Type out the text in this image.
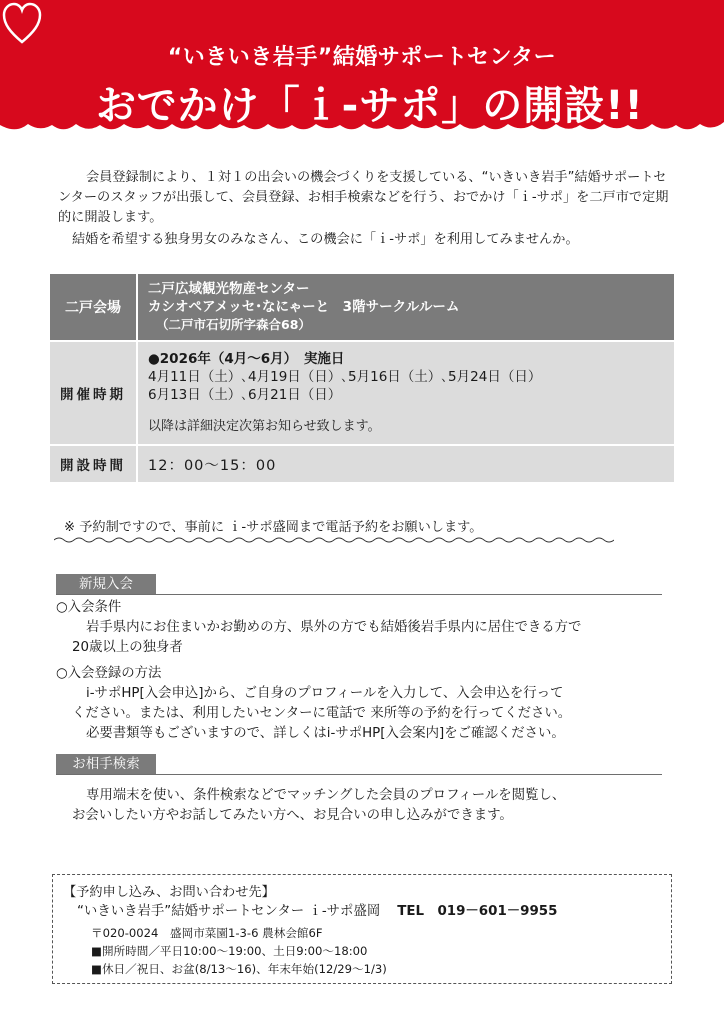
“いきいき岩手”結婚サポートセンター
おでかけ「ｉ-サポ」の開設!!

会員登録制により、１対１の出会いの機会づくりを支援している、“いきいき岩手”結婚サポートセンターのスタッフが出張して、会員登録、お相手検索などを行う、おでかけ「ｉ-サポ」を二戸市で定期的に開設します。

結婚を希望する独身男女のみなさん、この機会に「ｉ-サポ」を利用してみませんか。

二戸会場	二戸広域観光物産センター
カシオペアメッセ･なにゃーと　3階サークルルーム
（二戸市石切所字森合68）

開催時期	●2026年（4月～6月）　実施日
4月11日（土）､4月19日（日）､5月16日（土）､5月24日（日）
6月13日（土）､6月21日（日）
以降は詳細決定次第お知らせ致します。

開設時間	12：00～15：00
※ 予約制ですので、事前に ｉ-サポ盛岡まで電話予約をお願いします。
新規入会

○入会条件

岩手県内にお住まいかお勤めの方、県外の方でも結婚後岩手県内に居住できる方で

20歳以上の独身者

○入会登録の方法

i-サポHP[入会申込]から、ご自身のプロフィールを入力して、入会申込を行って

ください。または、利用したいセンターに電話で 来所等の予約を行ってください。

必要書類等もございますので、詳しくはi-サポHP[入会案内]をご確認ください。

お相手検索

専用端末を使い、条件検索などでマッチングした会員のプロフィールを閲覧し、

お会いしたい方やお話してみたい方へ、お見合いの申し込みができます。

【予約申し込み、お問い合わせ先】
“いきいき岩手”結婚サポートセンター ｉ-サポ盛岡 TEL　019－601－9955
〒020-0024　盛岡市菜園1-3-6 農林会館6F
■開所時間／平日10:00～19:00、土日9:00～18:00
■休日／祝日、お盆(8/13～16)、年末年始(12/29～1/3)
